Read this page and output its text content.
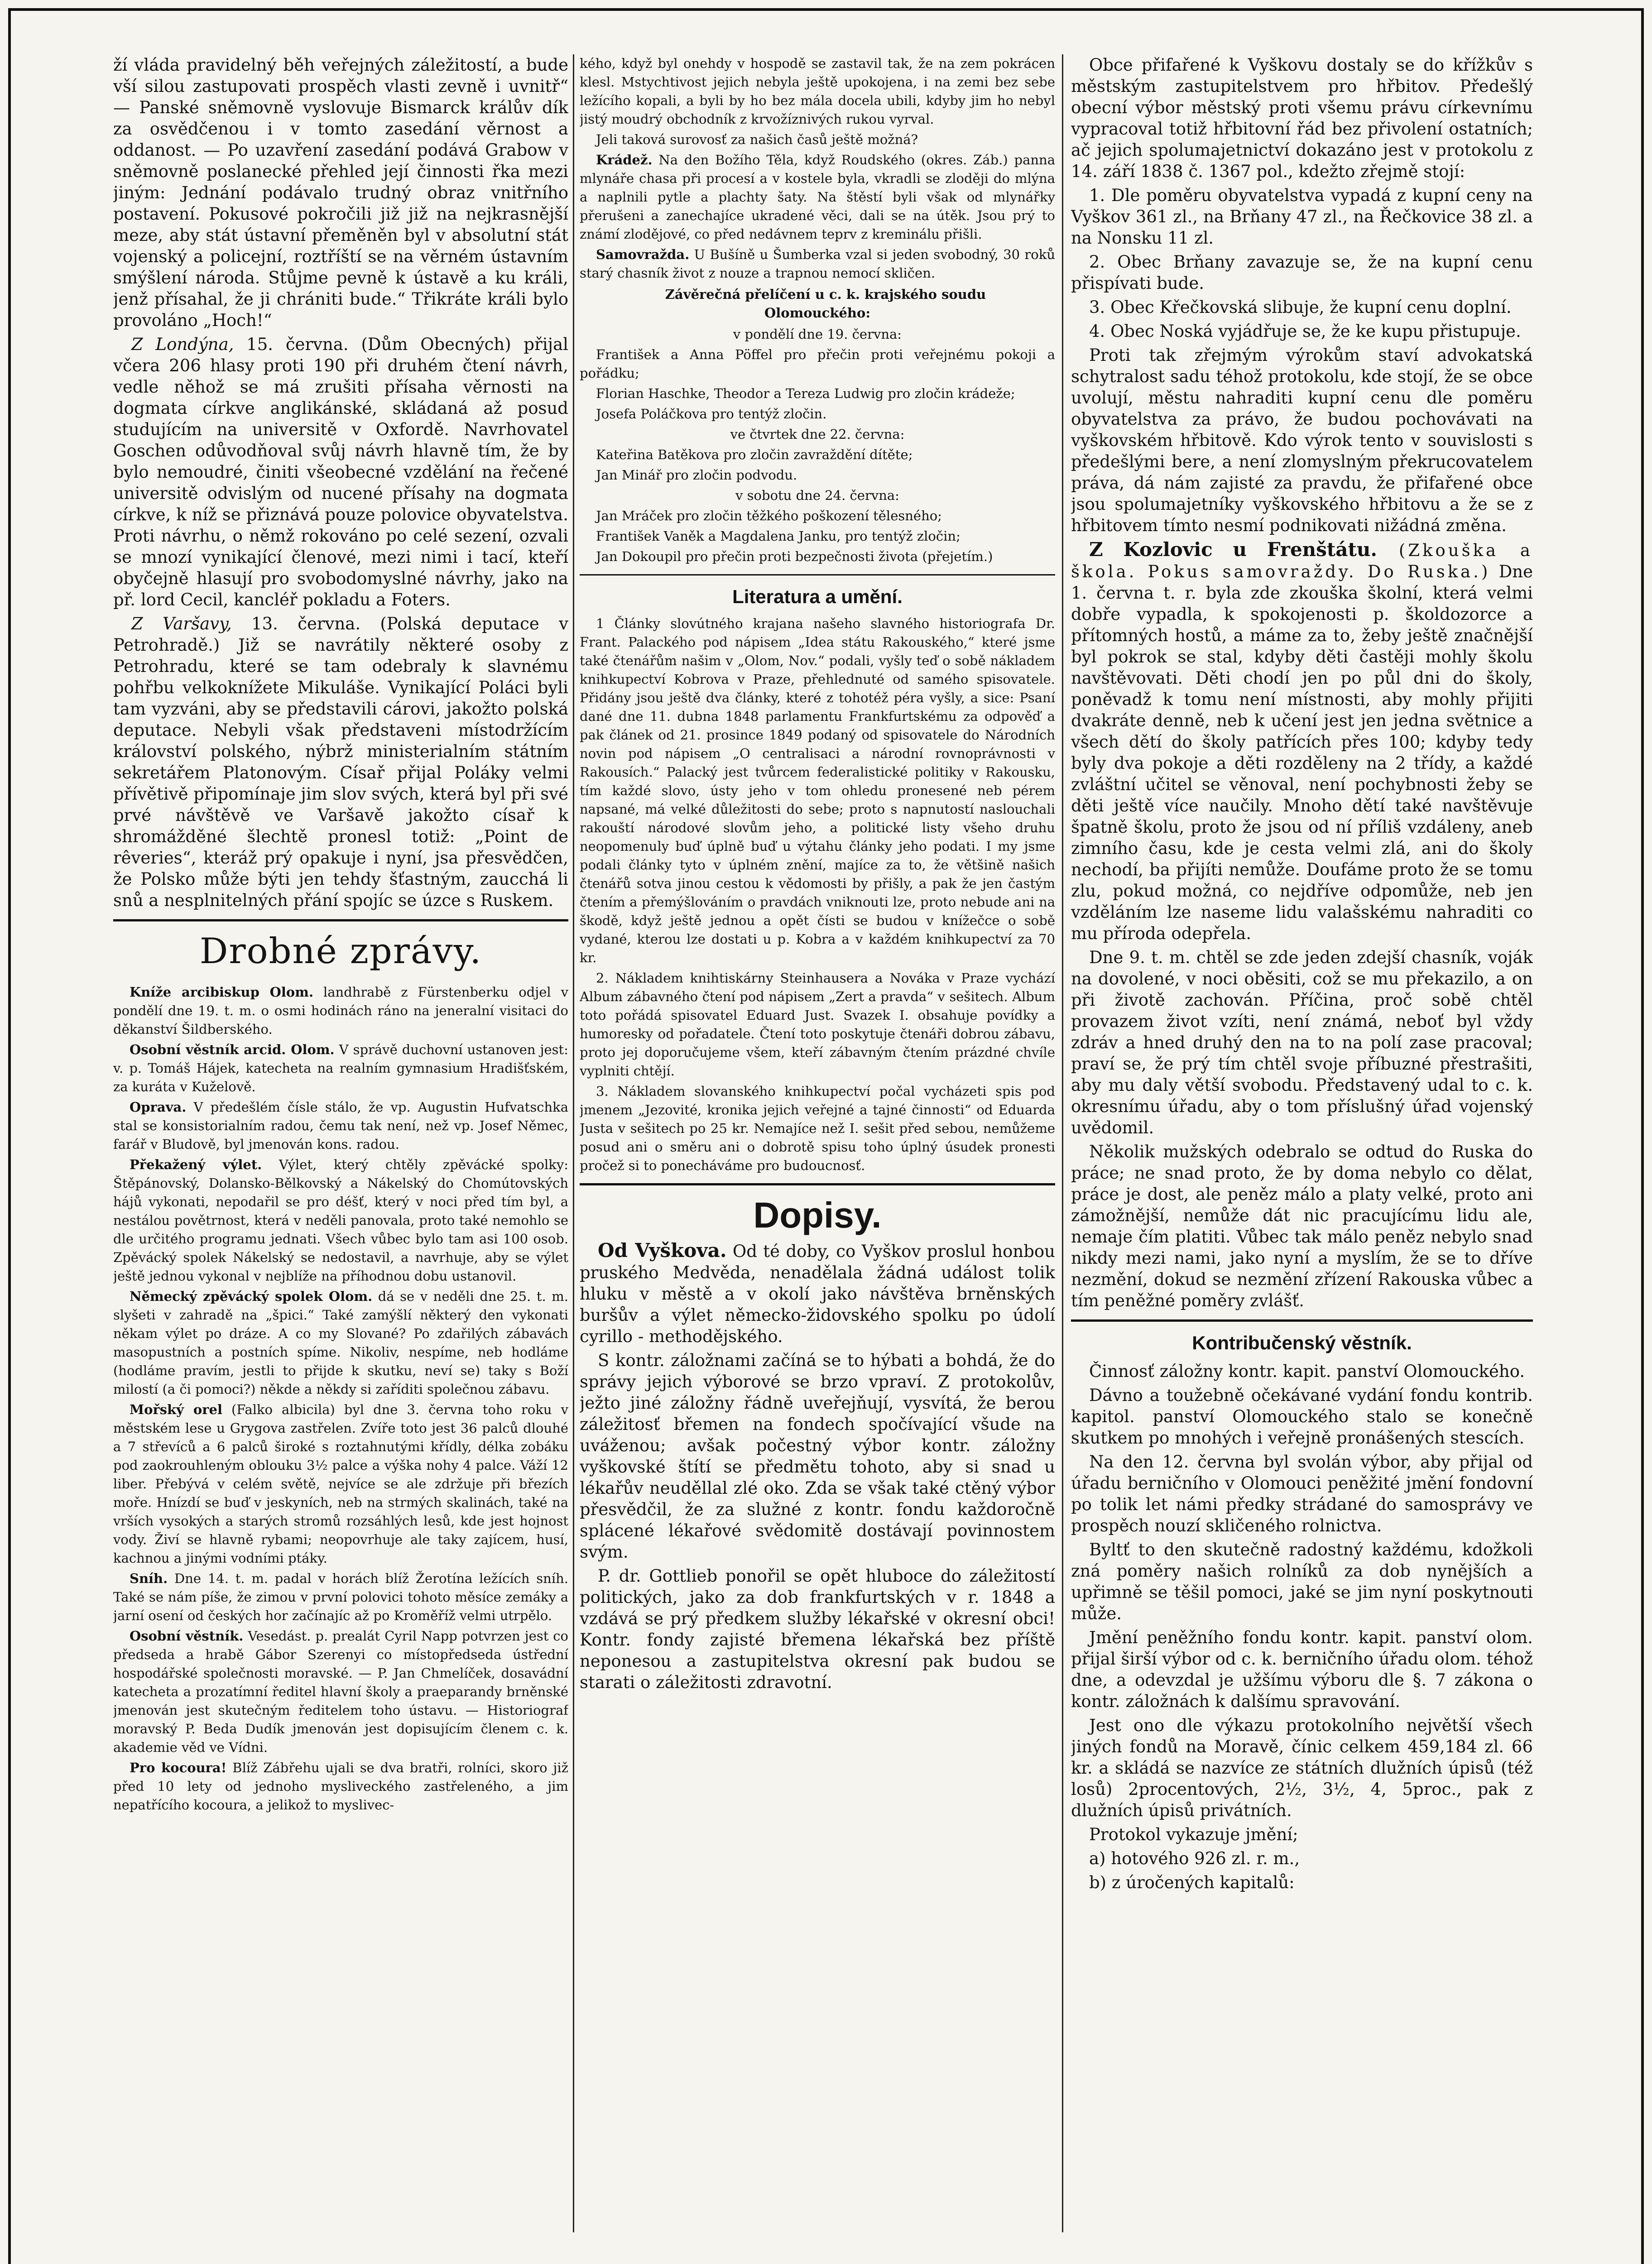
ží vláda pravidelný běh veřejných záležitostí, a bude vší silou zastupovati prospěch vlasti zevně i uvnitř“ — Panské sněmovně vyslovuje Bismarck králův dík za osvědčenou i v tomto zasedání věrnost a oddanost. — Po uzavření zasedání podává Grabow v sněmovně poslanecké přehled její činnosti řka mezi jiným: Jednání podávalo trudný obraz vnitřního postavení. Pokusové pokročili již již na nejkrasnější meze, aby stát ústavní přeměněn byl v absolutní stát vojenský a policejní, roztříští se na věrném ústavním smýšlení národa. Stůjme pevně k ústavě a ku králi, jenž přísahal, že ji chrániti bude.“ Třikráte králi bylo provoláno „Hoch!“

Z Londýna, 15. června. (Dům Obecných) přijal včera 206 hlasy proti 190 při druhém čtení návrh, vedle něhož se má zrušiti přísaha věrnosti na dogmata církve anglikánské, skládaná až posud studujícím na universitě v Oxfordě. Navrhovatel Goschen odůvodňoval svůj návrh hlavně tím, že by bylo nemoudré, činiti všeobecné vzdělání na řečené universitě odvislým od nucené přísahy na dogmata církve, k níž se přiznává pouze polovice obyvatelstva. Proti návrhu, o němž rokováno po celé sezení, ozvali se mnozí vynikající členové, mezi nimi i tací, kteří obyčejně hlasují pro svobodomyslné návrhy, jako na př. lord Cecil, kancléř pokladu a Foters.

Z Varšavy, 13. června. (Polská deputace v Petrohradě.) Již se navrátily některé osoby z Petrohradu, které se tam odebraly k slavnému pohřbu velkoknížete Mikuláše. Vynikající Poláci byli tam vyzváni, aby se představili cárovi, jakožto polská deputace. Nebyli však představeni místodržícím království polského, nýbrž ministerialním státním sekretářem Platonovým. Císař přijal Poláky velmi přívětivě připomínaje jim slov svých, která byl při své prvé návštěvě ve Varšavě jakožto císař k shromážděné šlechtě pronesl totiž: „Point de rêveries“, kteráž prý opakuje i nyní, jsa přesvědčen, že Polsko může býti jen tehdy šťastným, zaucchá li snů a nesplnitelných přání spojíc se úzce s Ruskem.

Drobné zprávy.

Kníže arcibiskup Olom. landhrabě z Fürstenberku odjel v pondělí dne 19. t. m. o osmi hodinách ráno na jeneralní visitaci do děkanství Šildberského.

Osobní věstník arcid. Olom. V správě duchovní ustanoven jest: v. p. Tomáš Hájek, katecheta na realním gymnasium Hradišťském, za kuráta v Kuželově.

Oprava. V předešlém čísle stálo, že vp. Augustin Hufvatschka stal se konsistorialním radou, čemu tak není, než vp. Josef Němec, farář v Bludově, byl jmenován kons. radou.

Překažený výlet. Výlet, který chtěly zpěvácké spolky: Štěpánovský, Dolansko-Bělkovský a Nákelský do Chomútovských hájů vykonati, nepodařil se pro déšť, který v noci před tím byl, a nestálou povětrnost, která v neděli panovala, proto také nemohlo se dle určitého programu jednati. Všech vůbec bylo tam asi 100 osob. Zpěvácký spolek Nákelský se nedostavil, a navrhuje, aby se výlet ještě jednou vykonal v nejblíže na příhodnou dobu ustanovil.

Německý zpěvácký spolek Olom. dá se v neděli dne 25. t. m. slyšeti v zahradě na „špici.“ Také zamýšlí některý den vykonati někam výlet po dráze. A co my Slované? Po zdařilých zábavách masopustních a postních spíme. Nikoliv, nespíme, neb hodláme (hodláme pravím, jestli to přijde k skutku, neví se) taky s Boží milostí (a či pomoci?) někde a někdy si zaříditi společnou zábavu.

Mořský orel (Falko albicila) byl dne 3. června toho roku v městském lese u Grygova zastřelen. Zvíře toto jest 36 palců dlouhé a 7 střevíců a 6 palců široké s roztahnutými křídly, délka zobáku pod zaokrouhleným oblouku 3½ palce a výška nohy 4 palce. Váží 12 liber. Přebývá v celém světě, nejvíce se ale zdržuje při březích moře. Hnízdí se buď v jeskyních, neb na strmých skalinách, také na vrších vysokých a starých stromů rozsáhlých lesů, kde jest hojnost vody. Živí se hlavně rybami; neopovrhuje ale taky zajícem, husí, kachnou a jinými vodními ptáky.

Sníh. Dne 14. t. m. padal v horách blíž Žerotína ležících sníh. Také se nám píše, že zimou v první polovici tohoto měsíce zemáky a jarní osení od českých hor začínajíc až po Kroměříž velmi utrpělo.

Osobní věstník. Vesedást. p. prealát Cyril Napp potvrzen jest co předseda a hrabě Gábor Szerenyi co místopředseda ústřední hospodářské společnosti moravské. — P. Jan Chmelíček, dosavádní katecheta a prozatímní ředitel hlavní školy a praeparandy brněnské jmenován jest skutečným ředitelem toho ústavu. — Historiograf moravský P. Beda Dudík jmenován jest dopisujícím členem c. k. akademie věd ve Vídni.

Pro kocoura! Blíž Zábřehu ujali se dva bratři, rolníci, skoro již před 10 lety od jednoho mysliveckého zastřeleného, a jim nepatřícího kocoura, a jelikož to myslivec-

kého, když byl onehdy v hospodě se zastavil tak, že na zem pokrácen klesl. Mstychtivost jejich nebyla ještě upokojena, i na zemi bez sebe ležícího kopali, a byli by ho bez mála docela ubili, kdyby jim ho nebyl jistý moudrý obchodník z krvožíznivých rukou vyrval.

Jeli taková surovosť za našich časů ještě možná?

Krádež. Na den Božího Těla, když Roudského (okres. Záb.) panna mlynáře chasa při procesí a v kostele byla, vkradli se zloději do mlýna a naplnili pytle a plachty šaty. Na štěstí byli však od mlynářky přerušeni a zanechajíce ukradené věci, dali se na útěk. Jsou prý to známí zlodějové, co před nedávnem teprv z kreminálu přišli.

Samovražda. U Bušíně u Šumberka vzal si jeden svobodný, 30 roků starý chasník život z nouze a trapnou nemocí skličen.

Závěrečná přelíčení u c. k. krajského soudu Olomouckého:

v pondělí dne 19. června:

František a Anna Pöffel pro přečin proti veřejnému pokoji a pořádku;

Florian Haschke, Theodor a Tereza Ludwig pro zločin krádeže;

Josefa Poláčkova pro tentýž zločin.

ve čtvrtek dne 22. června:

Kateřina Batěkova pro zločin zavraždění dítěte;

Jan Minář pro zločin podvodu.

v sobotu dne 24. června:

Jan Mráček pro zločin těžkého poškození tělesného;

František Vaněk a Magdalena Janku, pro tentýž zločin;

Jan Dokoupil pro přečin proti bezpečnosti života (přejetím.)

Literatura a umění.

1 Články slovútného krajana našeho slavného historiografa Dr. Frant. Palackého pod nápisem „Idea státu Rakouského,“ které jsme také čtenářům našim v „Olom, Nov.“ podali, vyšly teď o sobě nákladem knihkupectví Kobrova v Praze, přehlednuté od samého spisovatele. Přidány jsou ještě dva články, které z tohotéž péra vyšly, a sice: Psaní dané dne 11. dubna 1848 parlamentu Frankfurtskému za odpověď a pak článek od 21. prosince 1849 podaný od spisovatele do Národních novin pod nápisem „O centralisaci a národní rovnoprávnosti v Rakousích.“ Palacký jest tvůrcem federalistické politiky v Rakousku, tím každé slovo, ústy jeho v tom ohledu pronesené neb pérem napsané, má velké důležitosti do sebe; proto s napnutostí naslouchali rakouští národové slovům jeho, a politické listy všeho druhu neopomenuly buď úplně buď u výtahu články jeho podati. I my jsme podali články tyto v úplném znění, majíce za to, že většině našich čtenářů sotva jinou cestou k vědomosti by přišly, a pak že jen častým čtením a přemýšlováním o pravdách vniknouti lze, proto nebude ani na škodě, když ještě jednou a opět čísti se budou v knížečce o sobě vydané, kterou lze dostati u p. Kobra a v každém knihkupectví za 70 kr.

2. Nákladem knihtiskárny Steinhausera a Nováka v Praze vychází Album zábavného čtení pod nápisem „Zert a pravda“ v sešitech. Album toto pořádá spisovatel Eduard Just. Svazek I. obsahuje povídky a humoresky od pořadatele. Čtení toto poskytuje čtenáři dobrou zábavu, proto jej doporučujeme všem, kteří zábavným čtením prázdné chvíle vyplniti chtějí.

3. Nákladem slovanského knihkupectví počal vycházeti spis pod jmenem „Jezovité, kronika jejich veřejné a tajné činnosti“ od Eduarda Justa v sešitech po 25 kr. Nemajíce než I. sešit před sebou, nemůžeme posud ani o směru ani o dobrotě spisu toho úplný úsudek pronesti pročež si to ponecháváme pro budoucnosť.

Dopisy.

Od Vyškova. Od té doby, co Vyškov proslul honbou pruského Medvěda, nenadělala žádná událost tolik hluku v městě a v okolí jako návštěva brněnských buršův a výlet německo-židovského spolku po údolí cyrillo - methodějského.

S kontr. záložnami začíná se to hýbati a bohdá, že do správy jejich výborové se brzo vpraví. Z protokolův, ježto jiné záložny řádně uveřejňují, vysvítá, že berou záležitosť břemen na fondech spočívající všude na uváženou; avšak počestný výbor kontr. záložny vyškovské štítí se předmětu tohoto, aby si snad u lékařův neuděllal zlé oko. Zda se však také ctěný výbor přesvědčil, že za služné z kontr. fondu každoročně splácené lékařové svědomitě dostávají povinnostem svým.

P. dr. Gottlieb ponořil se opět hluboce do záležitostí politických, jako za dob frankfurtských v r. 1848 a vzdává se prý předkem služby lékařské v okresní obci! Kontr. fondy zajisté břemena lékařská bez příště neponesou a zastupitelstva okresní pak budou se starati o záležitosti zdravotní.

Obce přifařené k Vyškovu dostaly se do křížkův s městským zastupitelstvem pro hřbitov. Předešlý obecní výbor městský proti všemu právu církevnímu vypracoval totiž hřbitovní řád bez přivolení ostatních; ač jejich spolumajetnictví dokazáno jest v protokolu z 14. září 1838 č. 1367 pol., kdežto zřejmě stojí:

1. Dle poměru obyvatelstva vypadá z kupní ceny na Vyškov 361 zl., na Brňany 47 zl., na Řečkovice 38 zl. a na Nonsku 11 zl.

2. Obec Brňany zavazuje se, že na kupní cenu přispívati bude.

3. Obec Křečkovská slibuje, že kupní cenu doplní.

4. Obec Noská vyjádřuje se, že ke kupu přistupuje.

Proti tak zřejmým výrokům staví advokatská schytralost sadu téhož protokolu, kde stojí, že se obce uvolují, městu nahraditi kupní cenu dle poměru obyvatelstva za právo, že budou pochovávati na vyškovském hřbitově. Kdo výrok tento v souvislosti s předešlými bere, a není zlomyslným překrucovatelem práva, dá nám zajisté za pravdu, že přifařené obce jsou spolumajetníky vyškovského hřbitovu a že se z hřbitovem tímto nesmí podnikovati nižádná změna.

Z Kozlovic u Frenštátu. (Zkouška a škola. Pokus samovraždy. Do Ruska.) Dne 1. června t. r. byla zde zkouška školní, která velmi dobře vypadla, k spokojenosti p. školdozorce a přítomných hostů, a máme za to, žeby ještě značnější byl pokrok se stal, kdyby děti častěji mohly školu navštěvovati. Děti chodí jen po půl dni do školy, poněvadž k tomu není místnosti, aby mohly přijiti dvakráte denně, neb k učení jest jen jedna světnice a všech dětí do školy patřících přes 100; kdyby tedy byly dva pokoje a děti rozděleny na 2 třídy, a každé zvláštní učitel se věnoval, není pochybnosti žeby se děti ještě více naučily. Mnoho dětí také navštěvuje špatně školu, proto že jsou od ní příliš vzdáleny, aneb zimního času, kde je cesta velmi zlá, ani do školy nechodí, ba přijíti nemůže. Doufáme proto že se tomu zlu, pokud možná, co nejdříve odpomůže, neb jen vzděláním lze naseme lidu valašskému nahraditi co mu příroda odepřela.

Dne 9. t. m. chtěl se zde jeden zdejší chasník, voják na dovolené, v noci oběsiti, což se mu překazilo, a on při životě zachován. Příčina, proč sobě chtěl provazem život vzíti, není známá, neboť byl vždy zdráv a hned druhý den na to na polí zase pracoval; praví se, že prý tím chtěl svoje příbuzné přestrašiti, aby mu daly větší svobodu. Představený udal to c. k. okresnímu úřadu, aby o tom příslušný úřad vojenský uvědomil.

Několik mužských odebralo se odtud do Ruska do práce; ne snad proto, že by doma nebylo co dělat, práce je dost, ale peněz málo a platy velké, proto ani zámožnější, nemůže dát nic pracujícímu lidu ale, nemaje čím platiti. Vůbec tak málo peněz nebylo snad nikdy mezi nami, jako nyní a myslím, že se to dříve nezmění, dokud se nezmění zřízení Rakouska vůbec a tím peněžné poměry zvlášť.

Kontribučenský věstník.

Činnosť záložny kontr. kapit. panství Olomouckého.

Dávno a toužebně očekávané vydání fondu kontrib. kapitol. panství Olomouckého stalo se konečně skutkem po mnohých i veřejně pronášených stescích.

Na den 12. června byl svolán výbor, aby přijal od úřadu berničního v Olomouci peněžité jmění fondovní po tolik let námi předky strádané do samosprávy ve prospěch nouzí skličeného rolnictva.

Byltť to den skutečně radostný každému, kdožkoli zná poměry našich rolníků za dob nynějších a upřimně se těšil pomoci, jaké se jim nyní poskytnouti může.

Jmění peněžního fondu kontr. kapit. panství olom. přijal širší výbor od c. k. berničního úřadu olom. téhož dne, a odevzdal je užšímu výboru dle §. 7 zákona o kontr. záložnách k dalšímu spravování.

Jest ono dle výkazu protokolního největší všech jiných fondů na Moravě, čínic celkem 459,184 zl. 66 kr. a skládá se nazvíce ze státních dlužních úpisů (též losů) 2procentových, 2½, 3½, 4, 5proc., pak z dlužních úpisů privátních.

Protokol vykazuje jmění;

a) hotového 926 zl. r. m.,

b) z úročených kapitalů:
